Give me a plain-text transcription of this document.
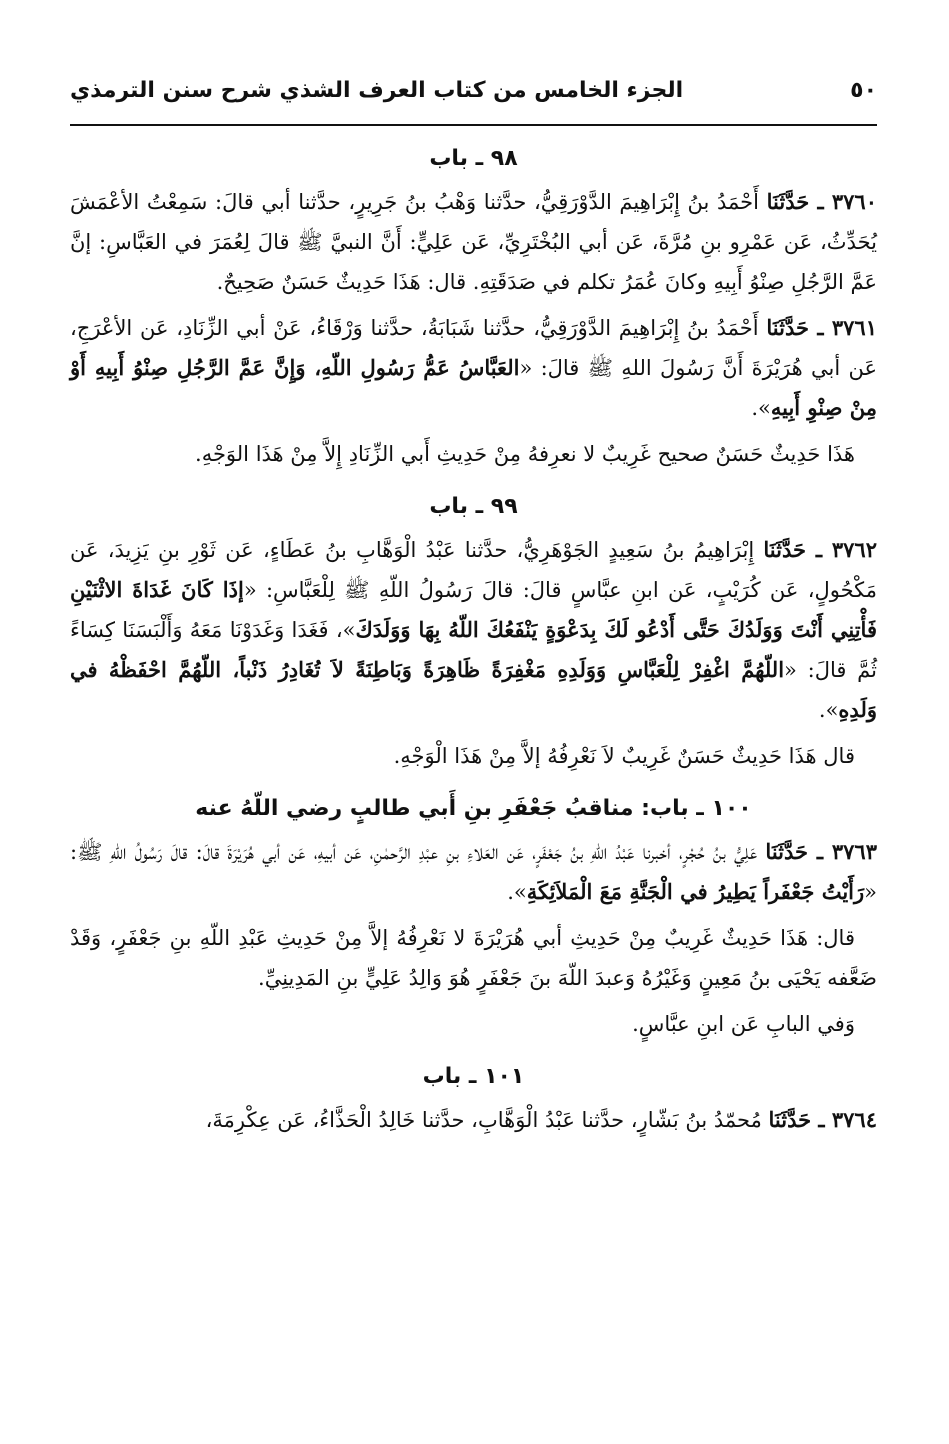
٥٠
الجزء الخامس من كتاب العرف الشذي شرح سنن الترمذي
٩٨ ـ باب

٣٧٦٠ ـ حَدَّثَنَا أَحْمَدُ بنُ إِبْرَاهِيمَ الدَّوْرَقِيُّ، حدَّثنا وَهْبُ بنُ جَرِيرٍ، حدَّثنا أبي قالَ: سَمِعْتُ الأعْمَشَ يُحَدِّثُ، عَن عَمْرِو بنِ مُرَّةَ، عَن أبي البُخْتَرِيِّ، عَن عَلِيٍّ: أَنَّ النبيَّ ﷺ قالَ لِعُمَرَ في العَبَّاسِ: إنَّ عَمَّ الرَّجُلِ صِنْوُ أَبِيهِ وكانَ عُمَرُ تكلم في صَدَقَتِهِ. قال: هَذَا حَدِيثٌ حَسَنٌ صَحِيحٌ.

٣٧٦١ ـ حَدَّثَنَا أَحْمَدُ بنُ إِبْرَاهِيمَ الدَّوْرَقِيُّ، حدَّثنا شَبَابَةُ، حدَّثنا وَرْقَاءُ، عَنْ أبي الزِّنَادِ، عَن الأعْرَجِ، عَن أبي هُرَيْرَةَ أَنَّ رَسُولَ اللهِ ﷺ قالَ: «العَبَّاسُ عَمُّ رَسُولِ اللّهِ، وَإِنَّ عَمَّ الرَّجُلِ صِنْوُ أَبِيهِ أَوْ مِنْ صِنْوِ أَبِيهِ».

هَذَا حَدِيثٌ حَسَنٌ صحيح غَرِيبٌ لا نعرِفهُ مِنْ حَدِيثِ أَبي الزِّنَادِ إِلاَّ مِنْ هَذَا الوَجْهِ.

٩٩ ـ باب

٣٧٦٢ ـ حَدَّثَنَا إِبْرَاهِيمُ بنُ سَعِيدٍ الجَوْهَرِيُّ، حدَّثنا عَبْدُ الْوَهَّابِ بنُ عَطَاءٍ، عَن ثَوْرِ بنِ يَزِيدَ، عَن مَكْحُولٍ، عَن كُرَيْبٍ، عَن ابنِ عبَّاسٍ قالَ: قالَ رَسُولُ اللّهِ ﷺ لِلْعَبَّاسِ: «إذَا كَانَ غَدَاةَ الاثْنَيْنِ فَأْتِنِي أَنْتَ وَوَلَدُكَ حَتَّى أَدْعُو لَكَ بِدَعْوَةٍ يَنْفَعُكَ اللّهُ بِهَا وَوَلَدَكَ»، فَغَدَا وَغَدَوْنَا مَعَهُ وَأَلْبَسَنَا كِسَاءً ثُمَّ قالَ: «اللّهُمَّ اغْفِرْ لِلْعَبَّاسِ وَوَلَدِهِ مَغْفِرَةً ظَاهِرَةً وَبَاطِنَةً لاَ تُغَادِرُ ذَنْباً، اللّهُمَّ احْفَظْهُ في وَلَدِهِ».

قال هَذَا حَدِيثٌ حَسَنٌ غَرِيبٌ لاَ نَعْرِفُهُ إلاَّ مِنْ هَذَا الْوَجْهِ.

١٠٠ ـ باب: مناقبُ جَعْفَرِ بنِ أَبي طالبٍ رضي اللّهُ عنه

٣٧٦٣ ـ حَدَّثَنَا عَلِيُّ بنُ حُجْرٍ، أخبرنا عَبْدُ اللّهِ بنُ جَعْفَرٍ، عَن العَلاءِ بنِ عبْدِ الرَّحمٰنِ، عَن أبيهِ، عَن أبي هُرَيْرَةَ قالَ: قالَ رَسُولُ اللّهِ ﷺ: «رَأَيْتُ جَعْفَراً يَطِيرُ في الْجَنَّةِ مَعَ الْمَلاَئِكَةِ».

قال: هَذَا حَدِيثٌ غَرِيبٌ مِنْ حَدِيثِ أبي هُرَيْرَةَ لا نَعْرِفُهُ إلاَّ مِنْ حَدِيثِ عَبْدِ اللّهِ بنِ جَعْفَرٍ، وَقَدْ ضَعَّفه يَحْيَى بنُ مَعِينٍ وَغَيْرُهُ وَعبدَ اللّهَ بنَ جَعْفَرٍ هُوَ وَالِدُ عَلِيٍّ بنِ المَدِينِيِّ.

وَفي البابِ عَن ابنِ عبَّاسٍ.

١٠١ ـ باب

٣٧٦٤ ـ حَدَّثَنَا مُحمّدُ بنُ بَشّارٍ، حدَّثنا عَبْدُ الْوَهَّابِ، حدَّثنا خَالِدُ الْحَذَّاءُ، عَن عِكْرِمَةَ،
